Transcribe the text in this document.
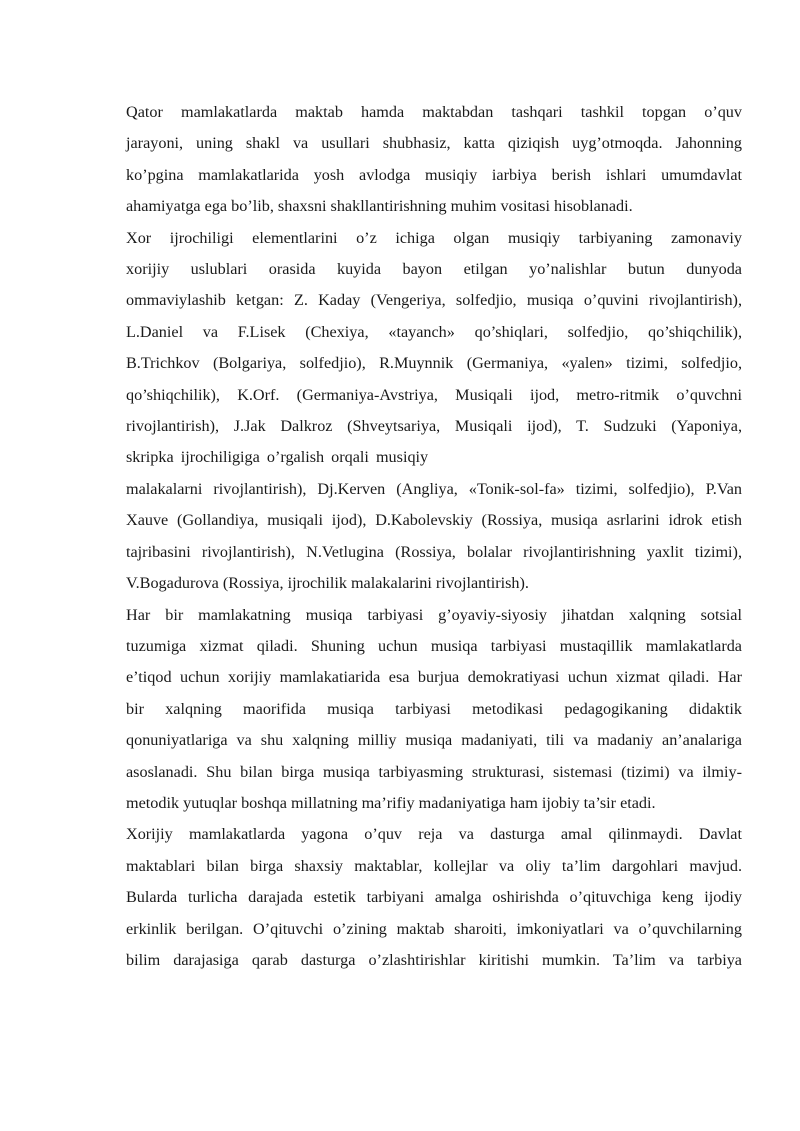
Qator mamlakatlarda maktab hamda maktabdan tashqari tashkil topgan o’quv
jarayoni, uning shakl va usullari shubhasiz, katta qiziqish uyg’otmoqda. Jahonning
ko’pgina mamlakatlarida yosh avlodga musiqiy iarbiya berish ishlari umumdavlat
ahamiyatga ega bo’lib, shaxsni shakllantirishning muhim vositasi hisoblanadi.
Xor ijrochiligi elementlarini o’z ichiga olgan musiqiy tarbiyaning zamonaviy
xorijiy uslublari orasida kuyida bayon etilgan yo’nalishlar butun dunyoda
ommaviylashib ketgan: Z. Kaday (Vengeriya, solfedjio, musiqa o’quvini rivojlantirish),
L.Daniel va F.Lisek (Chexiya, «tayanch» qo’shiqlari, solfedjio, qo’shiqchilik),
B.Trichkov (Bolgariya, solfedjio), R.Muynnik (Germaniya, «yalen» tizimi, solfedjio,
qo’shiqchilik), K.Orf. (Germaniya-Avstriya, Musiqali ijod, metro-ritmik o’quvchni
rivojlantirish), J.Jak Dalkroz (Shveytsariya, Musiqali ijod), T. Sudzuki (Yaponiya,
skripka ijrochiligiga o’rgalish orqali musiqiy
malakalarni rivojlantirish), Dj.Kerven (Angliya, «Tonik-sol-fa» tizimi, solfedjio), P.Van
Xauve (Gollandiya, musiqali ijod), D.Kabolevskiy (Rossiya, musiqa asrlarini idrok etish
tajribasini rivojlantirish), N.Vetlugina (Rossiya, bolalar rivojlantirishning yaxlit tizimi),
V.Bogadurova (Rossiya, ijrochilik malakalarini rivojlantirish).
Har bir mamlakatning musiqa tarbiyasi g’oyaviy-siyosiy jihatdan xalqning sotsial
tuzumiga xizmat qiladi. Shuning uchun musiqa tarbiyasi mustaqillik mamlakatlarda
e’tiqod uchun xorijiy mamlakatiarida esa burjua demokratiyasi uchun xizmat qiladi. Har
bir xalqning maorifida musiqa tarbiyasi metodikasi pedagogikaning didaktik
qonuniyatlariga va shu xalqning milliy musiqa madaniyati, tili va madaniy an’analariga
asoslanadi. Shu bilan birga musiqa tarbiyasming strukturasi, sistemasi (tizimi) va ilmiy-
metodik yutuqlar boshqa millatning ma’rifiy madaniyatiga ham ijobiy ta’sir etadi.
Xorijiy mamlakatlarda yagona o’quv reja va dasturga amal qilinmaydi. Davlat
maktablari bilan birga shaxsiy maktablar, kollejlar va oliy ta’lim dargohlari mavjud.
Bularda turlicha darajada estetik tarbiyani amalga oshirishda o’qituvchiga keng ijodiy
erkinlik berilgan. O’qituvchi o’zining maktab sharoiti, imkoniyatlari va o’quvchilarning
bilim darajasiga qarab dasturga o’zlashtirishlar kiritishi mumkin. Ta’lim va tarbiya
